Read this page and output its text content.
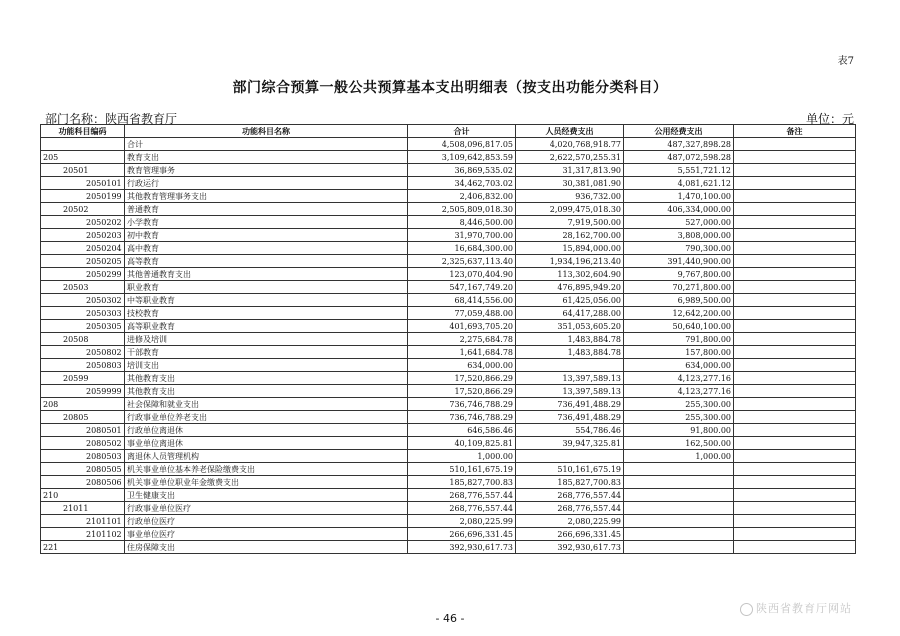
表7
部门综合预算一般公共预算基本支出明细表（按支出功能分类科目）
部门名称：陕西省教育厅	单位：元
功能科目编码	功能科目名称	合计	人员经费支出	公用经费支出	备注
	合计	4,508,096,817.05	4,020,768,918.77	487,327,898.28	
205	教育支出	3,109,642,853.59	2,622,570,255.31	487,072,598.28	
20501	教育管理事务	36,869,535.02	31,317,813.90	5,551,721.12	
2050101	行政运行	34,462,703.02	30,381,081.90	4,081,621.12	
2050199	其他教育管理事务支出	2,406,832.00	936,732.00	1,470,100.00	
20502	普通教育	2,505,809,018.30	2,099,475,018.30	406,334,000.00	
2050202	小学教育	8,446,500.00	7,919,500.00	527,000.00	
2050203	初中教育	31,970,700.00	28,162,700.00	3,808,000.00	
2050204	高中教育	16,684,300.00	15,894,000.00	790,300.00	
2050205	高等教育	2,325,637,113.40	1,934,196,213.40	391,440,900.00	
2050299	其他普通教育支出	123,070,404.90	113,302,604.90	9,767,800.00	
20503	职业教育	547,167,749.20	476,895,949.20	70,271,800.00	
2050302	中等职业教育	68,414,556.00	61,425,056.00	6,989,500.00	
2050303	技校教育	77,059,488.00	64,417,288.00	12,642,200.00	
2050305	高等职业教育	401,693,705.20	351,053,605.20	50,640,100.00	
20508	进修及培训	2,275,684.78	1,483,884.78	791,800.00	
2050802	干部教育	1,641,684.78	1,483,884.78	157,800.00	
2050803	培训支出	634,000.00		634,000.00	
20599	其他教育支出	17,520,866.29	13,397,589.13	4,123,277.16	
2059999	其他教育支出	17,520,866.29	13,397,589.13	4,123,277.16	
208	社会保障和就业支出	736,746,788.29	736,491,488.29	255,300.00	
20805	行政事业单位养老支出	736,746,788.29	736,491,488.29	255,300.00	
2080501	行政单位离退休	646,586.46	554,786.46	91,800.00	
2080502	事业单位离退休	40,109,825.81	39,947,325.81	162,500.00	
2080503	离退休人员管理机构	1,000.00		1,000.00	
2080505	机关事业单位基本养老保险缴费支出	510,161,675.19	510,161,675.19		
2080506	机关事业单位职业年金缴费支出	185,827,700.83	185,827,700.83		
210	卫生健康支出	268,776,557.44	268,776,557.44		
21011	行政事业单位医疗	268,776,557.44	268,776,557.44		
2101101	行政单位医疗	2,080,225.99	2,080,225.99		
2101102	事业单位医疗	266,696,331.45	266,696,331.45		
221	住房保障支出	392,930,617.73	392,930,617.73		
- 46 -
陕西省教育厅网站
